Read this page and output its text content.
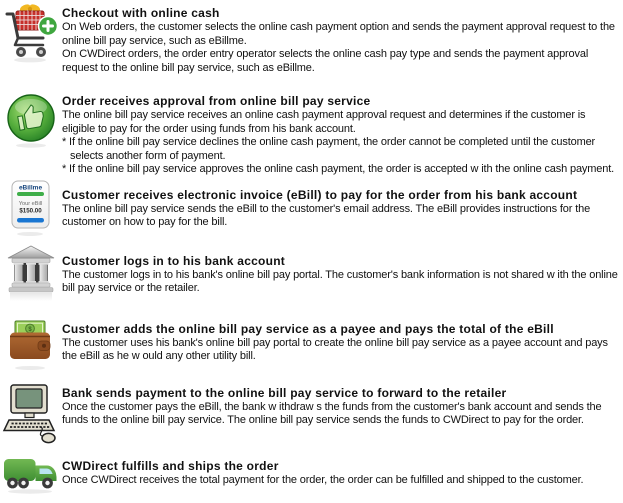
Checkout with online cash

On Web orders, the customer selects the online cash payment option and sends the payment approval request to the online bill pay service, such as eBillme.

On CWDirect orders, the order entry operator selects the online cash pay type and sends the payment approval request to the online bill pay service, such as eBillme.

Order receives approval from online bill pay service

The online bill pay service receives an online cash payment approval request and determines if the customer is eligible to pay for the order using funds from his bank account.

* If the online bill pay service declines the online cash payment, the order cannot be completed until the customer selects another form of payment.

* If the online bill pay service approves the online cash payment, the order is accepted w ith the online cash payment.

eBillme
Your eBill
$150.00
Customer receives electronic invoice (eBill) to pay for the order from his bank account

The online bill pay service sends the eBill to the customer's email address. The eBill provides instructions for the customer on how to pay for the bill.

Customer logs in to his bank account

The customer logs in to his bank's online bill pay portal. The customer's bank information is not shared w ith the online bill pay service or the retailer.

$	Customer adds the online bill pay service as a payee and pays the total of the eBill

The customer uses his bank's online bill pay portal to create the online bill pay service as a payee account and pays the eBill as he w ould any other utility bill.

Bank sends payment to the online bill pay service to forward to the retailer

Once the customer pays the eBill, the bank w ithdraw s the funds from the customer's bank account and sends the funds to the online bill pay service. The online bill pay service sends the funds to CWDirect to pay for the order.

CWDirect fulfills and ships the order

Once CWDirect receives the total payment for the order, the order can be fulfilled and shipped to the customer.
